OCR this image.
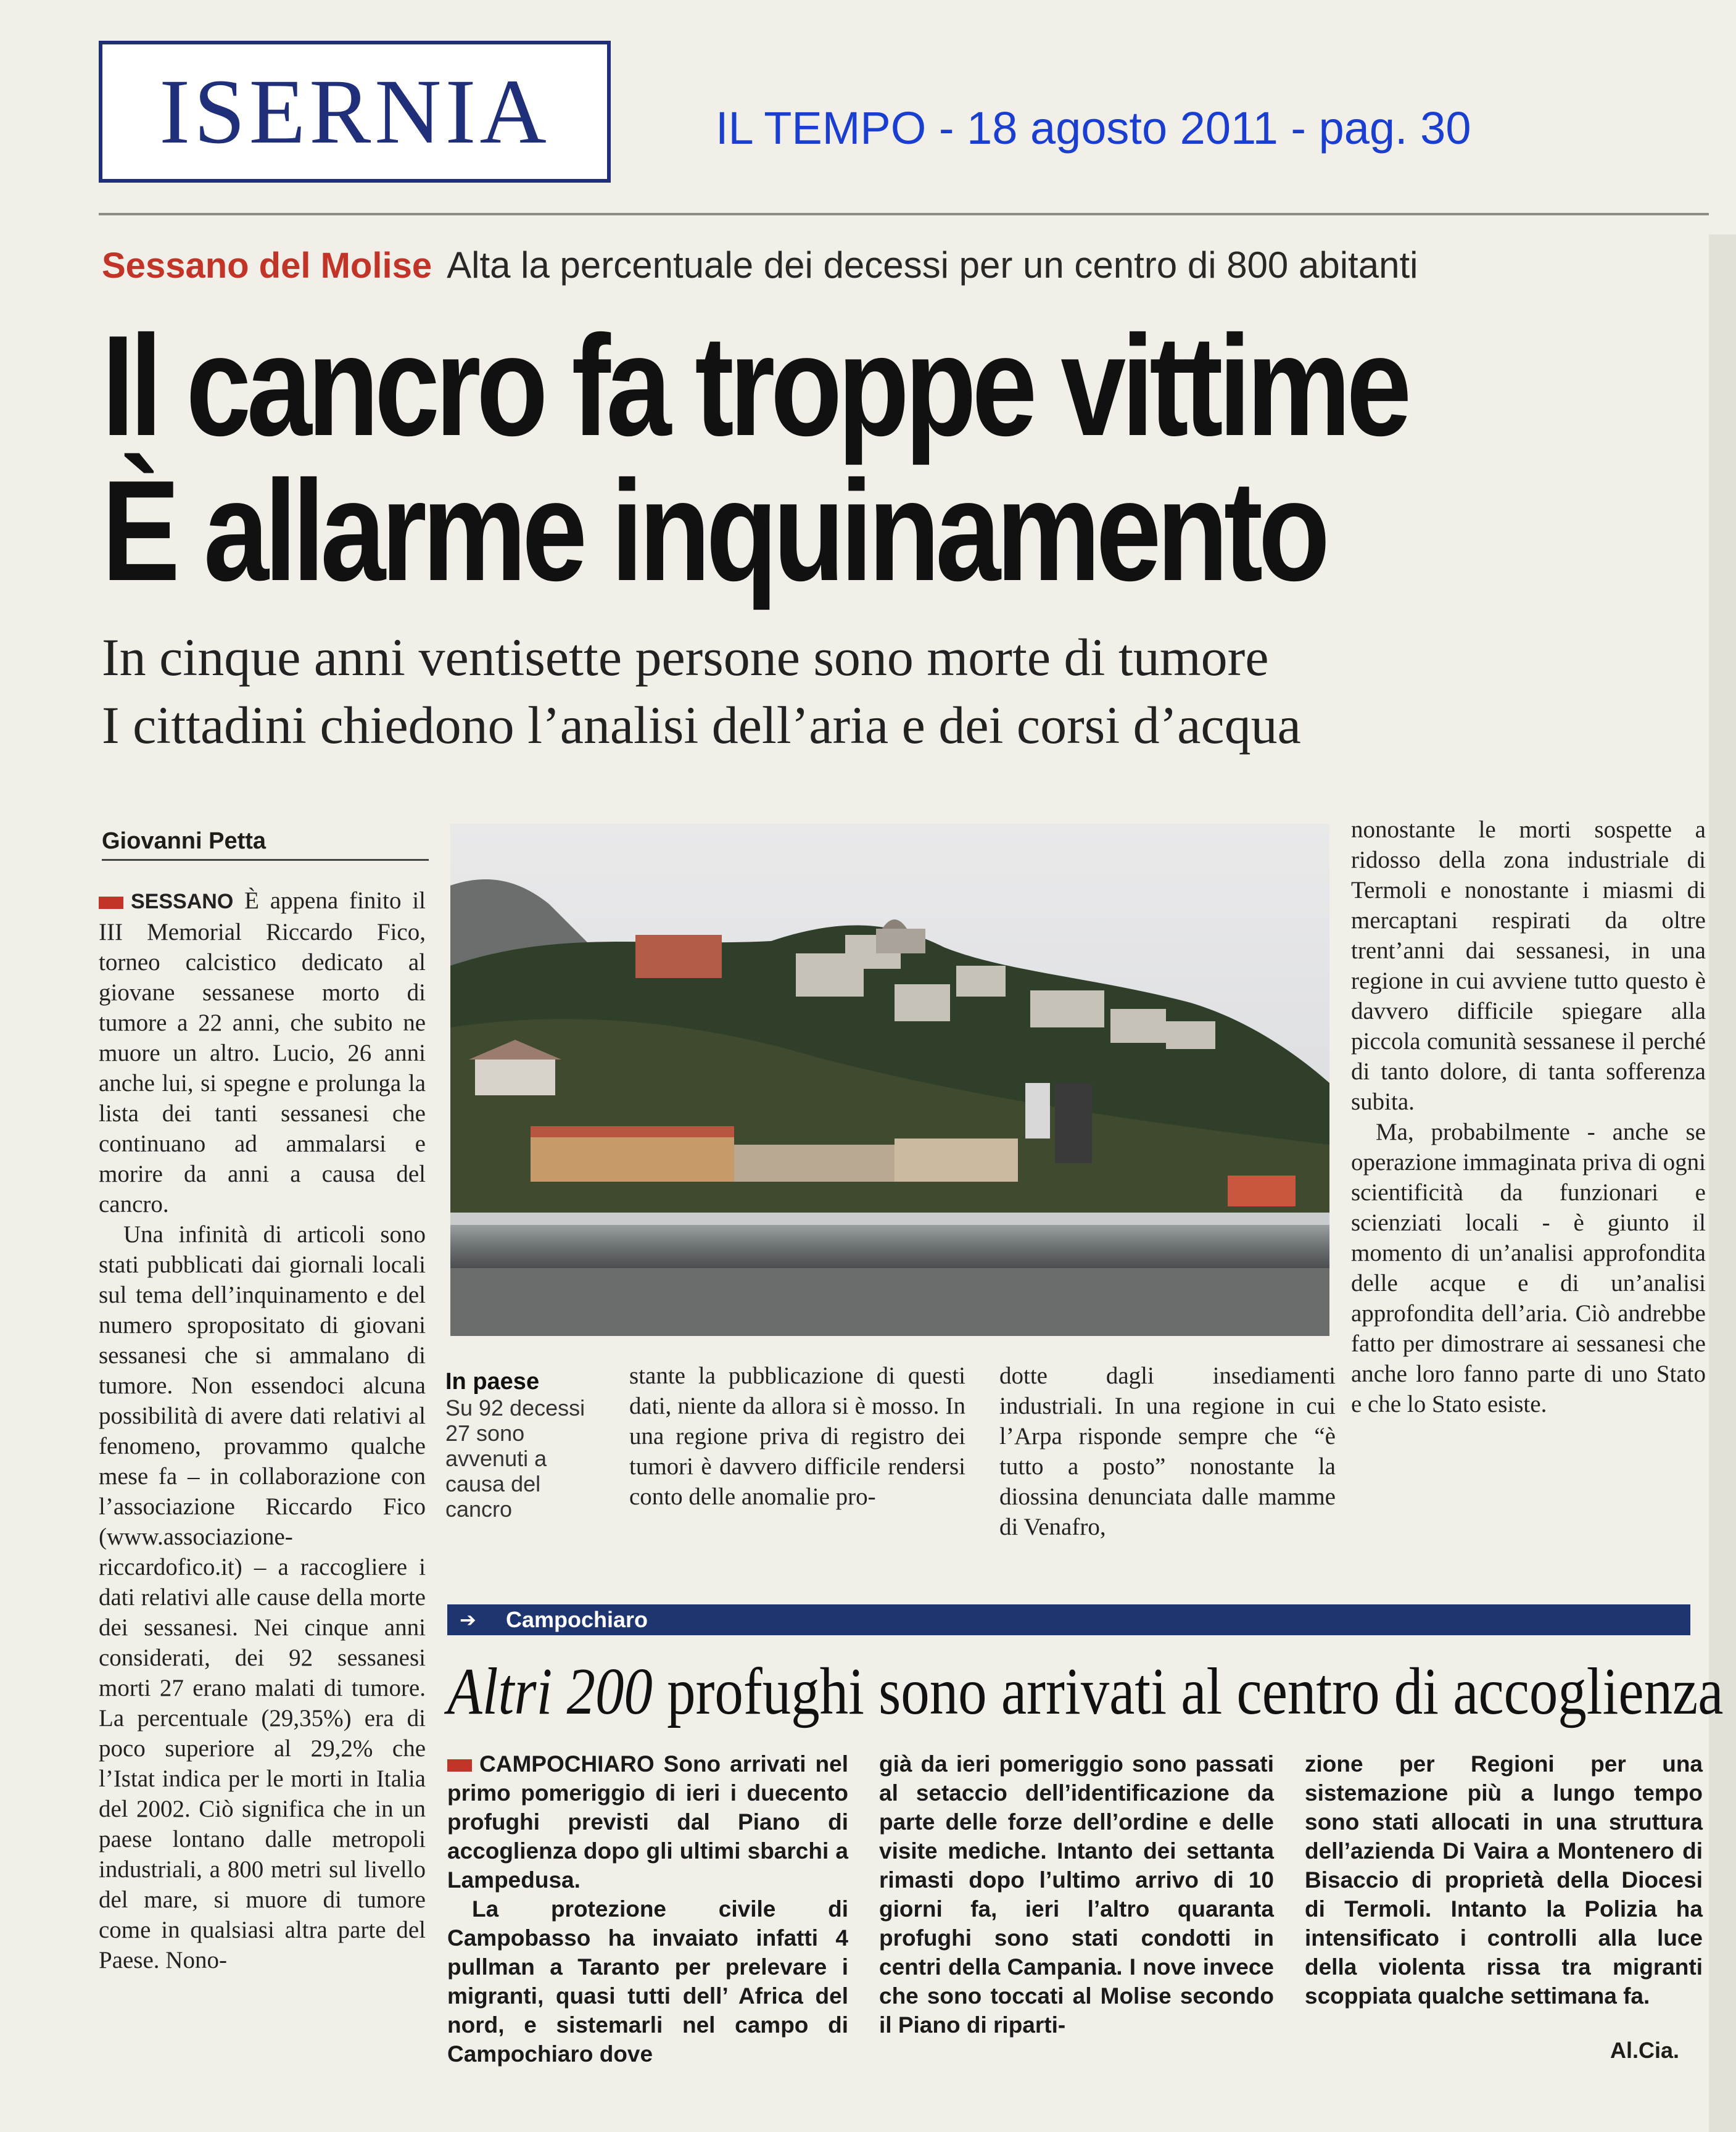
ISERNIA	IL TEMPO - 18 agosto 2011 - pag. 30
Sessano del Molise Alta la percentuale dei decessi per un centro di 800 abitanti
Il cancro fa troppe vittime
È allarme inquinamento
In cinque anni ventisette persone sono morte di tumore
I cittadini chiedono l’analisi dell’aria e dei corsi d’acqua
Giovanni Petta

SESSANO È appena finito il III Memorial Riccardo Fico, torneo calcistico dedicato al giovane sessanese morto di tumore a 22 anni, che subito ne muore un altro. Lucio, 26 anni anche lui, si spegne e prolunga la lista dei tanti sessanesi che continuano ad ammalarsi e morire da anni a causa del cancro.

Una infinità di articoli sono stati pubblicati dai giornali locali sul tema dell’inquinamento e del numero spropositato di giovani sessanesi che si ammalano di tumore. Non essendoci alcuna possibilità di avere dati relativi al fenomeno, provammo qualche mese fa – in collaborazione con l’associazione Riccardo Fico (www.associazione-riccardofico.it) – a raccogliere i dati relativi alle cause della morte dei sessanesi. Nei cinque anni considerati, dei 92 sessanesi morti 27 erano malati di tumore. La percentuale (29,35%) era di poco superiore al 29,2% che l’Istat indica per le morti in Italia del 2002. Ciò significa che in un paese lontano dalle metropoli industriali, a 800 metri sul livello del mare, si muore di tumore come in qualsiasi altra parte del Paese. Nono-

In paese
Su 92 decessi 27 sono avvenuti a causa del cancro

stante la pubblicazione di questi dati, niente da allora si è mosso. In una regione priva di registro dei tumori è davvero difficile rendersi conto delle anomalie pro-

dotte dagli insediamenti industriali. In una regione in cui l’Arpa risponde sempre che “è tutto a posto” nonostante la diossina denunciata dalle mamme di Venafro,

nonostante le morti sospette a ridosso della zona industriale di Termoli e nonostante i miasmi di mercaptani respirati da oltre trent’anni dai sessanesi, in una regione in cui avviene tutto questo è davvero difficile spiegare alla piccola comunità sessanese il perché di tanto dolore, di tanta sofferenza subita.

Ma, probabilmente - anche se operazione immaginata priva di ogni scientificità da funzionari e scienziati locali - è giunto il momento di un’analisi approfondita delle acque e di un’analisi approfondita dell’aria. Ciò andrebbe fatto per dimostrare ai sessanesi che anche loro fanno parte di uno Stato e che lo Stato esiste.

➔ Campochiaro
Altri 200 profughi sono arrivati al centro di accoglienza

CAMPOCHIARO Sono arrivati nel primo pomeriggio di ieri i duecento profughi previsti dal Piano di accoglienza dopo gli ultimi sbarchi a Lampedusa.

La protezione civile di Campobasso ha invaiato infatti 4 pullman a Taranto per prelevare i migranti, quasi tutti dell’ Africa del nord, e sistemarli nel campo di Campochiaro dove

già da ieri pomeriggio sono passati al setaccio dell’identificazione da parte delle forze dell’ordine e delle visite mediche. Intanto dei settanta rimasti dopo l’ultimo arrivo di 10 giorni fa, ieri l’altro quaranta profughi sono stati condotti in centri della Campania. I nove invece che sono toccati al Molise secondo il Piano di riparti-

zione per Regioni per una sistemazione più a lungo tempo sono stati allocati in una struttura dell’azienda Di Vaira a Montenero di Bisaccio di proprietà della Diocesi di Termoli. Intanto la Polizia ha intensificato i controlli alla luce della violenta rissa tra migranti scoppiata qualche settimana fa.

Al.Cia.
